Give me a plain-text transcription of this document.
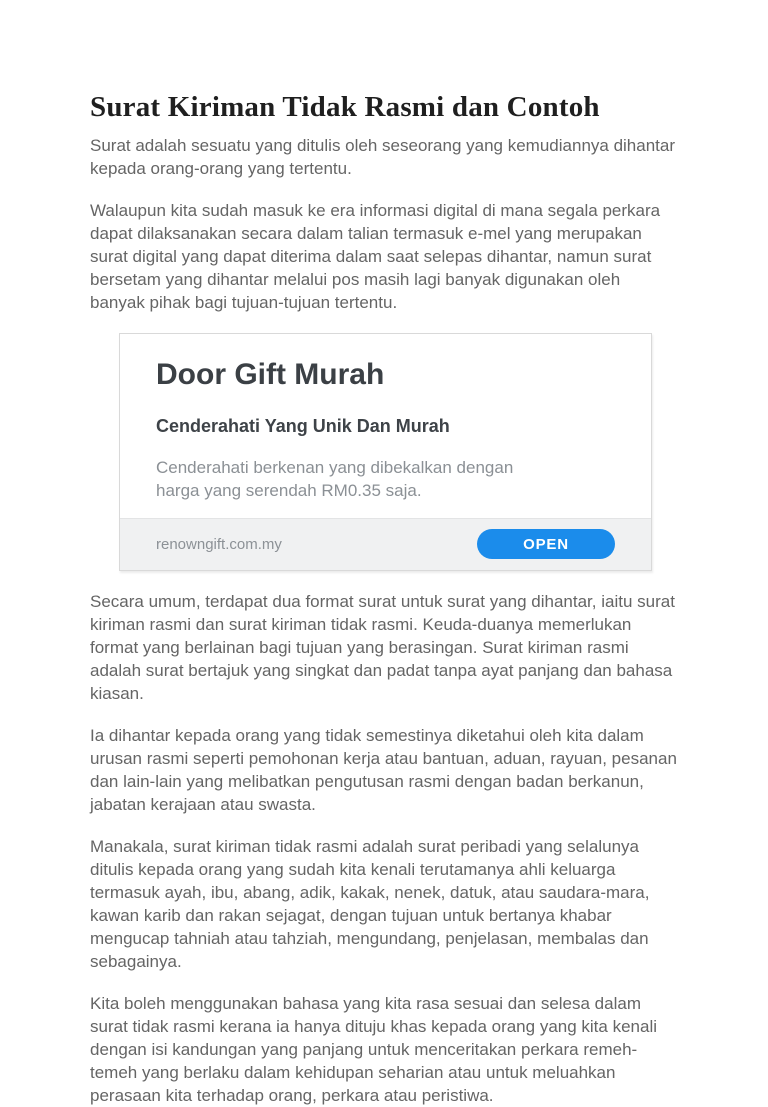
Surat Kiriman Tidak Rasmi dan Contoh

Surat adalah sesuatu yang ditulis oleh seseorang yang kemudiannya dihantar kepada orang-orang yang tertentu.

Walaupun kita sudah masuk ke era informasi digital di mana segala perkara dapat dilaksanakan secara dalam talian termasuk e-mel yang merupakan surat digital yang dapat diterima dalam saat selepas dihantar, namun surat bersetam yang dihantar melalui pos masih lagi banyak digunakan oleh banyak pihak bagi tujuan-tujuan tertentu.

Door Gift Murah
Cenderahati Yang Unik Dan Murah
Cenderahati berkenan yang dibekalkan dengan harga yang serendah RM0.35 saja.
renowngift.com.my	OPEN

Secara umum, terdapat dua format surat untuk surat yang dihantar, iaitu surat kiriman rasmi dan surat kiriman tidak rasmi. Keuda-duanya memerlukan format yang berlainan bagi tujuan yang berasingan. Surat kiriman rasmi adalah surat bertajuk yang singkat dan padat tanpa ayat panjang dan bahasa kiasan.

Ia dihantar kepada orang yang tidak semestinya diketahui oleh kita dalam urusan rasmi seperti pemohonan kerja atau bantuan, aduan, rayuan, pesanan dan lain-lain yang melibatkan pengutusan rasmi dengan badan berkanun, jabatan kerajaan atau swasta.

Manakala, surat kiriman tidak rasmi adalah surat peribadi yang selalunya ditulis kepada orang yang sudah kita kenali terutamanya ahli keluarga termasuk ayah, ibu, abang, adik, kakak, nenek, datuk, atau saudara-mara, kawan karib dan rakan sejagat, dengan tujuan untuk bertanya khabar mengucap tahniah atau tahziah, mengundang, penjelasan, membalas dan sebagainya.

Kita boleh menggunakan bahasa yang kita rasa sesuai dan selesa dalam surat tidak rasmi kerana ia hanya dituju khas kepada orang yang kita kenali dengan isi kandungan yang panjang untuk menceritakan perkara remeh-temeh yang berlaku dalam kehidupan seharian atau untuk meluahkan perasaan kita terhadap orang, perkara atau peristiwa.
